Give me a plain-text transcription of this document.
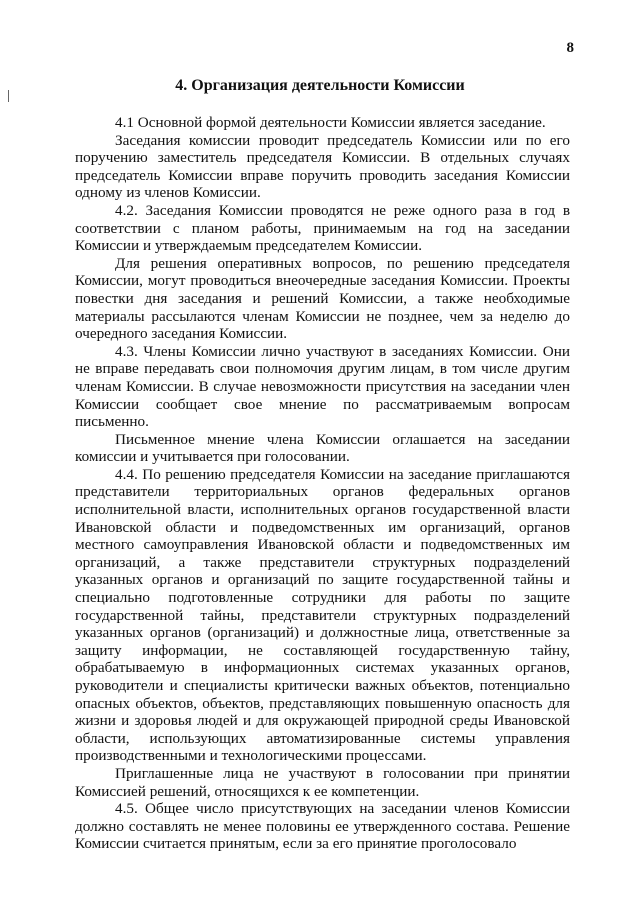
8
4. Организация деятельности Комиссии

4.1 Основной формой деятельности Комиссии является заседание.

Заседания комиссии проводит председатель Комиссии или по его поручению заместитель председателя Комиссии. В отдельных случаях председатель Комиссии вправе поручить проводить заседания Комиссии одному из членов Комиссии.

4.2. Заседания Комиссии проводятся не реже одного раза в год в соответствии с планом работы, принимаемым на год на заседании Комиссии и утверждаемым председателем Комиссии.

Для решения оперативных вопросов, по решению председателя Комиссии, могут проводиться внеочередные заседания Комиссии. Проекты повестки дня заседания и решений Комиссии, а также необходимые материалы рассылаются членам Комиссии не позднее, чем за неделю до очередного заседания Комиссии.

4.3. Члены Комиссии лично участвуют в заседаниях Комиссии. Они не вправе передавать свои полномочия другим лицам, в том числе другим членам Комиссии. В случае невозможности присутствия на заседании член Комиссии сообщает свое мнение по рассматриваемым вопросам письменно.

Письменное мнение члена Комиссии оглашается на заседании комиссии и учитывается при голосовании.

4.4. По решению председателя Комиссии на заседание приглашаются представители территориальных органов федеральных органов исполнительной власти, исполнительных органов государственной власти Ивановской области и подведомственных им организаций, органов местного самоуправления Ивановской области и подведомственных им организаций, а также представители структурных подразделений указанных органов и организаций по защите государственной тайны и специально подготовленные сотрудники для работы по защите государственной тайны, представители структурных подразделений указанных органов (организаций) и должностные лица, ответственные за защиту информации, не составляющей государственную тайну, обрабатываемую в информационных системах указанных органов, руководители и специалисты критически важных объектов, потенциально опасных объектов, объектов, представляющих повышенную опасность для жизни и здоровья людей и для окружающей природной среды Ивановской области, использующих автоматизированные системы управления производственными и технологическими процессами.

Приглашенные лица не участвуют в голосовании при принятии Комиссией решений, относящихся к ее компетенции.

4.5. Общее число присутствующих на заседании членов Комиссии должно составлять не менее половины ее утвержденного состава. Решение Комиссии считается принятым, если за его принятие проголосовало
